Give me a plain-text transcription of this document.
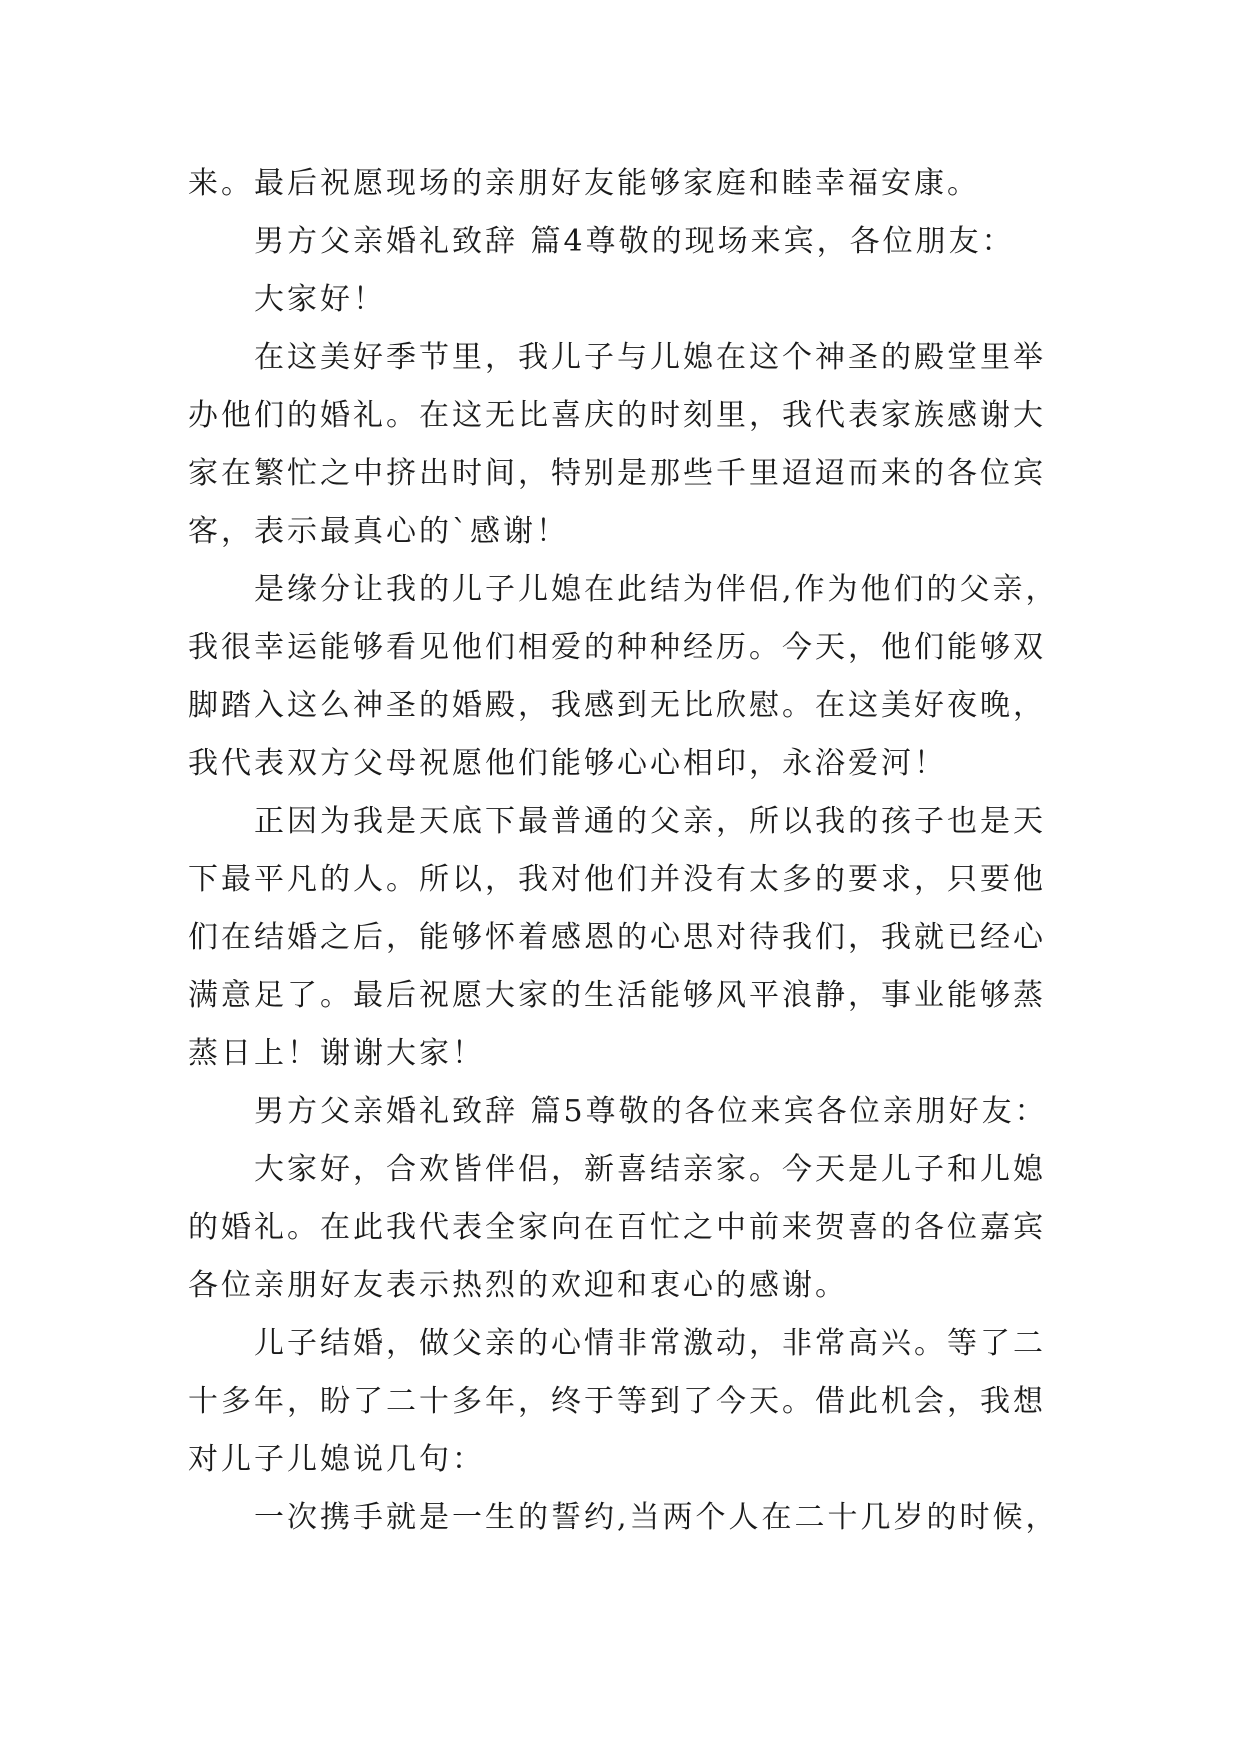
来。最后祝愿现场的亲朋好友能够家庭和睦幸福安康。
男方父亲婚礼致辞 篇4尊敬的现场来宾，各位朋友：
大家好！
在这美好季节里，我儿子与儿媳在这个神圣的殿堂里举
办他们的婚礼。在这无比喜庆的时刻里，我代表家族感谢大
家在繁忙之中挤出时间，特别是那些千里迢迢而来的各位宾
客，表示最真心的`感谢！
是缘分让我的儿子儿媳在此结为伴侣,作为他们的父亲，
我很幸运能够看见他们相爱的种种经历。今天，他们能够双
脚踏入这么神圣的婚殿，我感到无比欣慰。在这美好夜晚，
我代表双方父母祝愿他们能够心心相印，永浴爱河！
正因为我是天底下最普通的父亲，所以我的孩子也是天
下最平凡的人。所以，我对他们并没有太多的要求，只要他
们在结婚之后，能够怀着感恩的心思对待我们，我就已经心
满意足了。最后祝愿大家的生活能够风平浪静，事业能够蒸
蒸日上！谢谢大家！
男方父亲婚礼致辞 篇5尊敬的各位来宾各位亲朋好友：
大家好，合欢皆伴侣，新喜结亲家。今天是儿子和儿媳
的婚礼。在此我代表全家向在百忙之中前来贺喜的各位嘉宾
各位亲朋好友表示热烈的欢迎和衷心的感谢。
儿子结婚，做父亲的心情非常激动，非常高兴。等了二
十多年，盼了二十多年，终于等到了今天。借此机会，我想
对儿子儿媳说几句：
一次携手就是一生的誓约,当两个人在二十几岁的时候，
